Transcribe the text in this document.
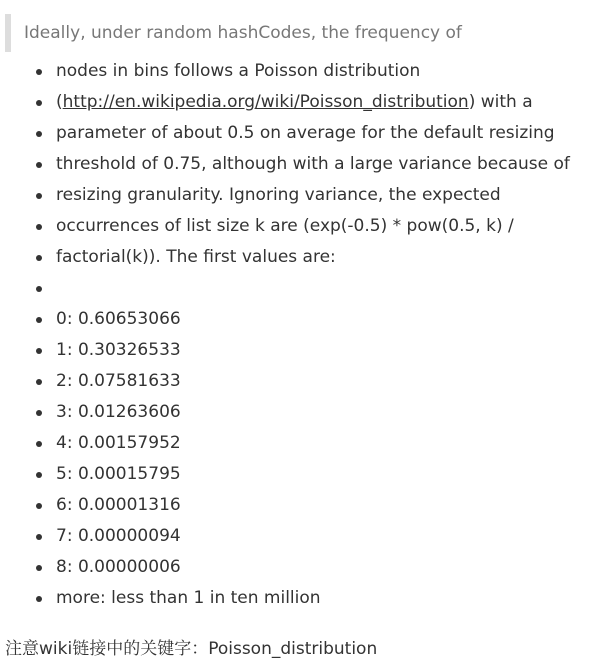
Ideally, under random hashCodes, the frequency of
nodes in bins follows a Poisson distribution
(http://en.wikipedia.org/wiki/Poisson_distribution) with a
parameter of about 0.5 on average for the default resizing
threshold of 0.75, although with a large variance because of
resizing granularity. Ignoring variance, the expected
occurrences of list size k are (exp(-0.5) * pow(0.5, k) /
factorial(k)). The first values are:
0: 0.60653066
1: 0.30326533
2: 0.07581633
3: 0.01263606
4: 0.00157952
5: 0.00015795
6: 0.00001316
7: 0.00000094
8: 0.00000006
more: less than 1 in ten million
注意wiki链接中的关键字：Poisson_distribution
